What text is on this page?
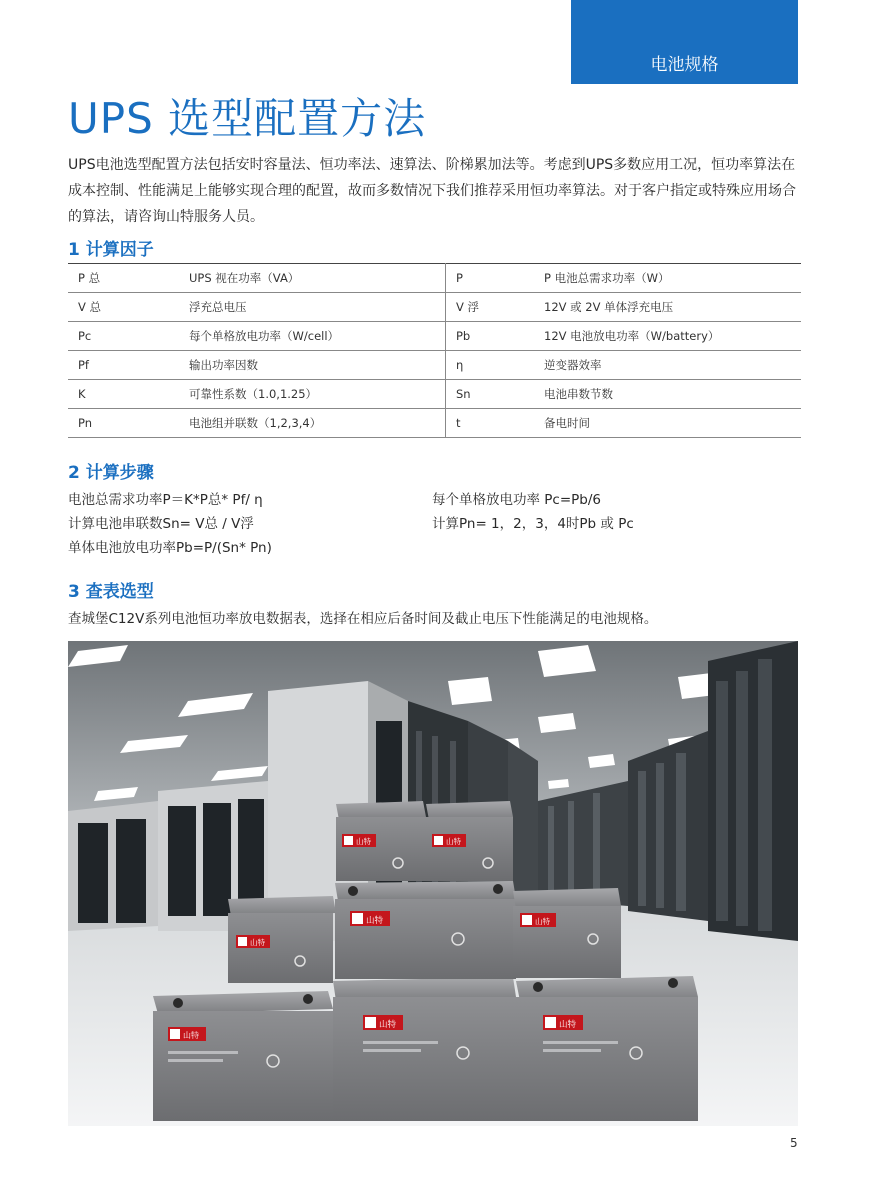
电池规格
UPS 选型配置方法

UPS电池选型配置方法包括安时容量法、恒功率法、速算法、阶梯累加法等。考虑到UPS多数应用工况，恒功率算法在成本控制、性能满足上能够实现合理的配置，故而多数情况下我们推荐采用恒功率算法。对于客户指定或特殊应用场合的算法，请咨询山特服务人员。

1 计算因子
P 总	UPS 视在功率（VA）	P	P 电池总需求功率（W）
V 总	浮充总电压	V 浮	12V 或 2V 单体浮充电压
Pc	每个单格放电功率（W/cell）	Pb	12V 电池放电功率（W/battery）
Pf	输出功率因数	η	逆变器效率
K	可靠性系数（1.0,1.25）	Sn	电池串数节数
Pn	电池组并联数（1,2,3,4）	t	备电时间
2 计算步骤
电池总需求功率P＝K*P总* Pf/ η
计算电池串联数Sn= V总 / V浮
单体电池放电功率Pb=P/(Sn* Pn)
每个单格放电功率 Pc=Pb/6
计算Pn= 1，2，3，4时Pb 或 Pc
3 查表选型
查城堡C12V系列电池恒功率放电数据表，选择在相应后备时间及截止电压下性能满足的电池规格。
山特
山特	山特
山特
山特	山特
山特	山特
5
